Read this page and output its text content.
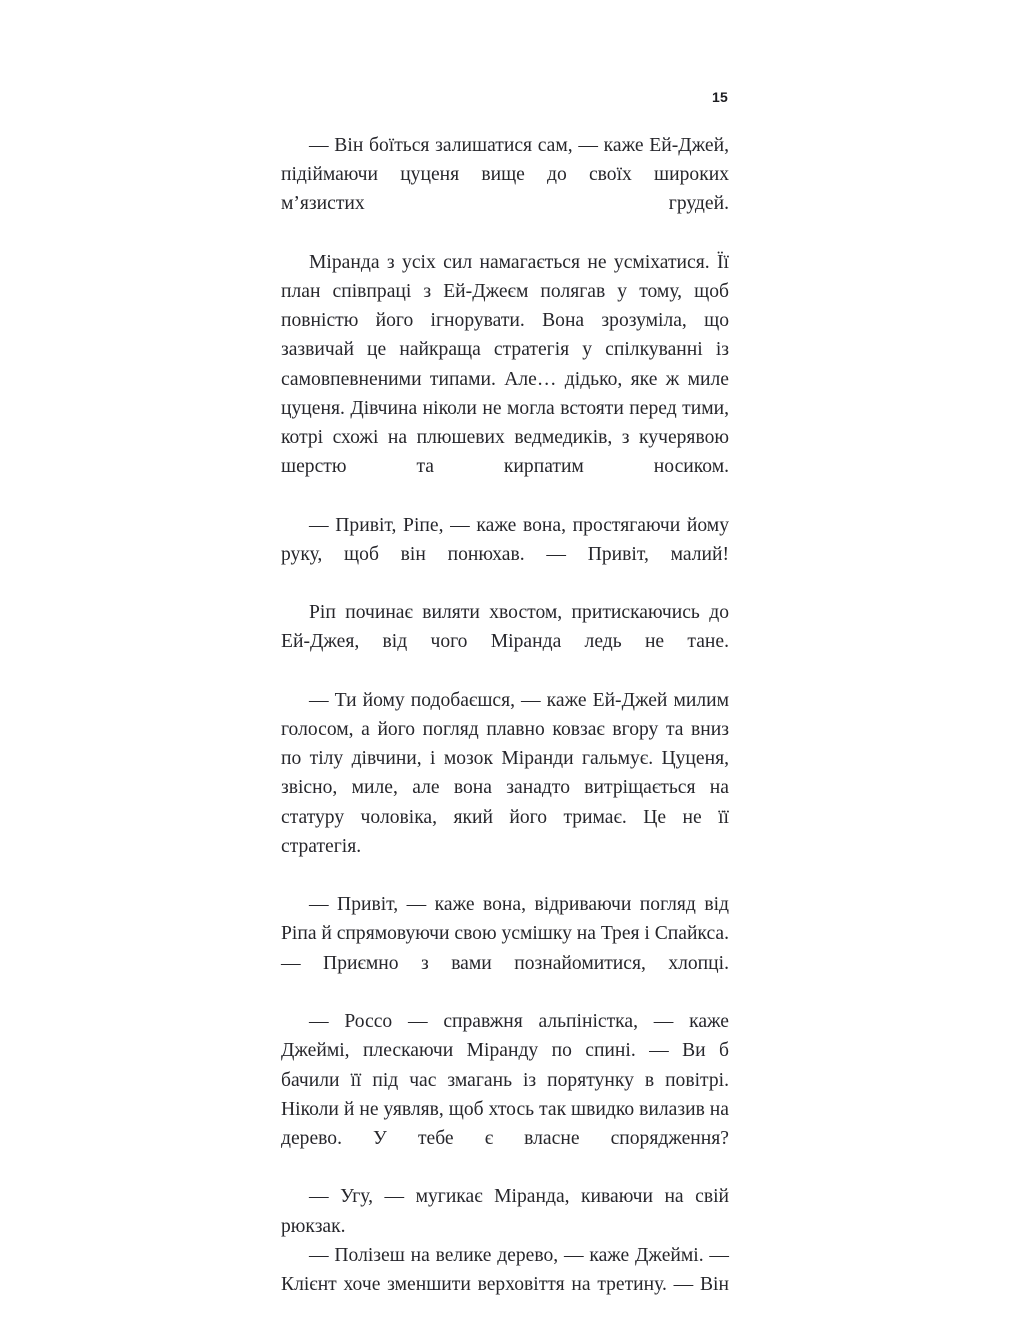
15

— Він боїться залишатися сам, — каже Ей-Джей, підіймаючи цуценя вище до своїх широких м’язистих грудей.

Міранда з усіх сил намагається не усміхатися. Її план співпраці з Ей-Джеєм полягав у тому, щоб повністю його ігнорувати. Вона зрозуміла, що зазвичай це найкраща стратегія у спілкуванні із самовпевненими типами. Але… дідько, яке ж миле цуценя. Дівчина ніколи не могла встояти перед тими, котрі схожі на плюшевих ведмедиків, з кучерявою шерстю та кирпатим носиком.

— Привіт, Ріпе, — каже вона, простягаючи йому руку, щоб він понюхав. — Привіт, малий!

Ріп починає виляти хвостом, притискаючись до Ей-Джея, від чого Міранда ледь не тане.

— Ти йому подобаєшся, — каже Ей-Джей милим голосом, а його погляд плавно ковзає вгору та вниз по тілу дівчини, і мозок Міранди гальмує. Цуценя, звісно, миле, але вона занадто витріщається на статуру чоловіка, який його тримає. Це не її стратегія.

— Привіт, — каже вона, відриваючи погляд від Ріпа й спрямовуючи свою усмішку на Трея і Спайкса. — Приємно з вами познайомитися, хлопці.

— Россо — справжня альпіністка, — каже Джеймі, плескаючи Міранду по спині. — Ви б бачили її під час змагань із порятунку в повітрі. Ніколи й не уявляв, щоб хтось так швидко вилазив на дерево. У тебе є власне спорядження?

— Угу, — мугикає Міранда, киваючи на свій рюкзак.

— Полізеш на велике дерево, — каже Джеймі. — Клієнт хоче зменшити верховіття на третину. — Він
